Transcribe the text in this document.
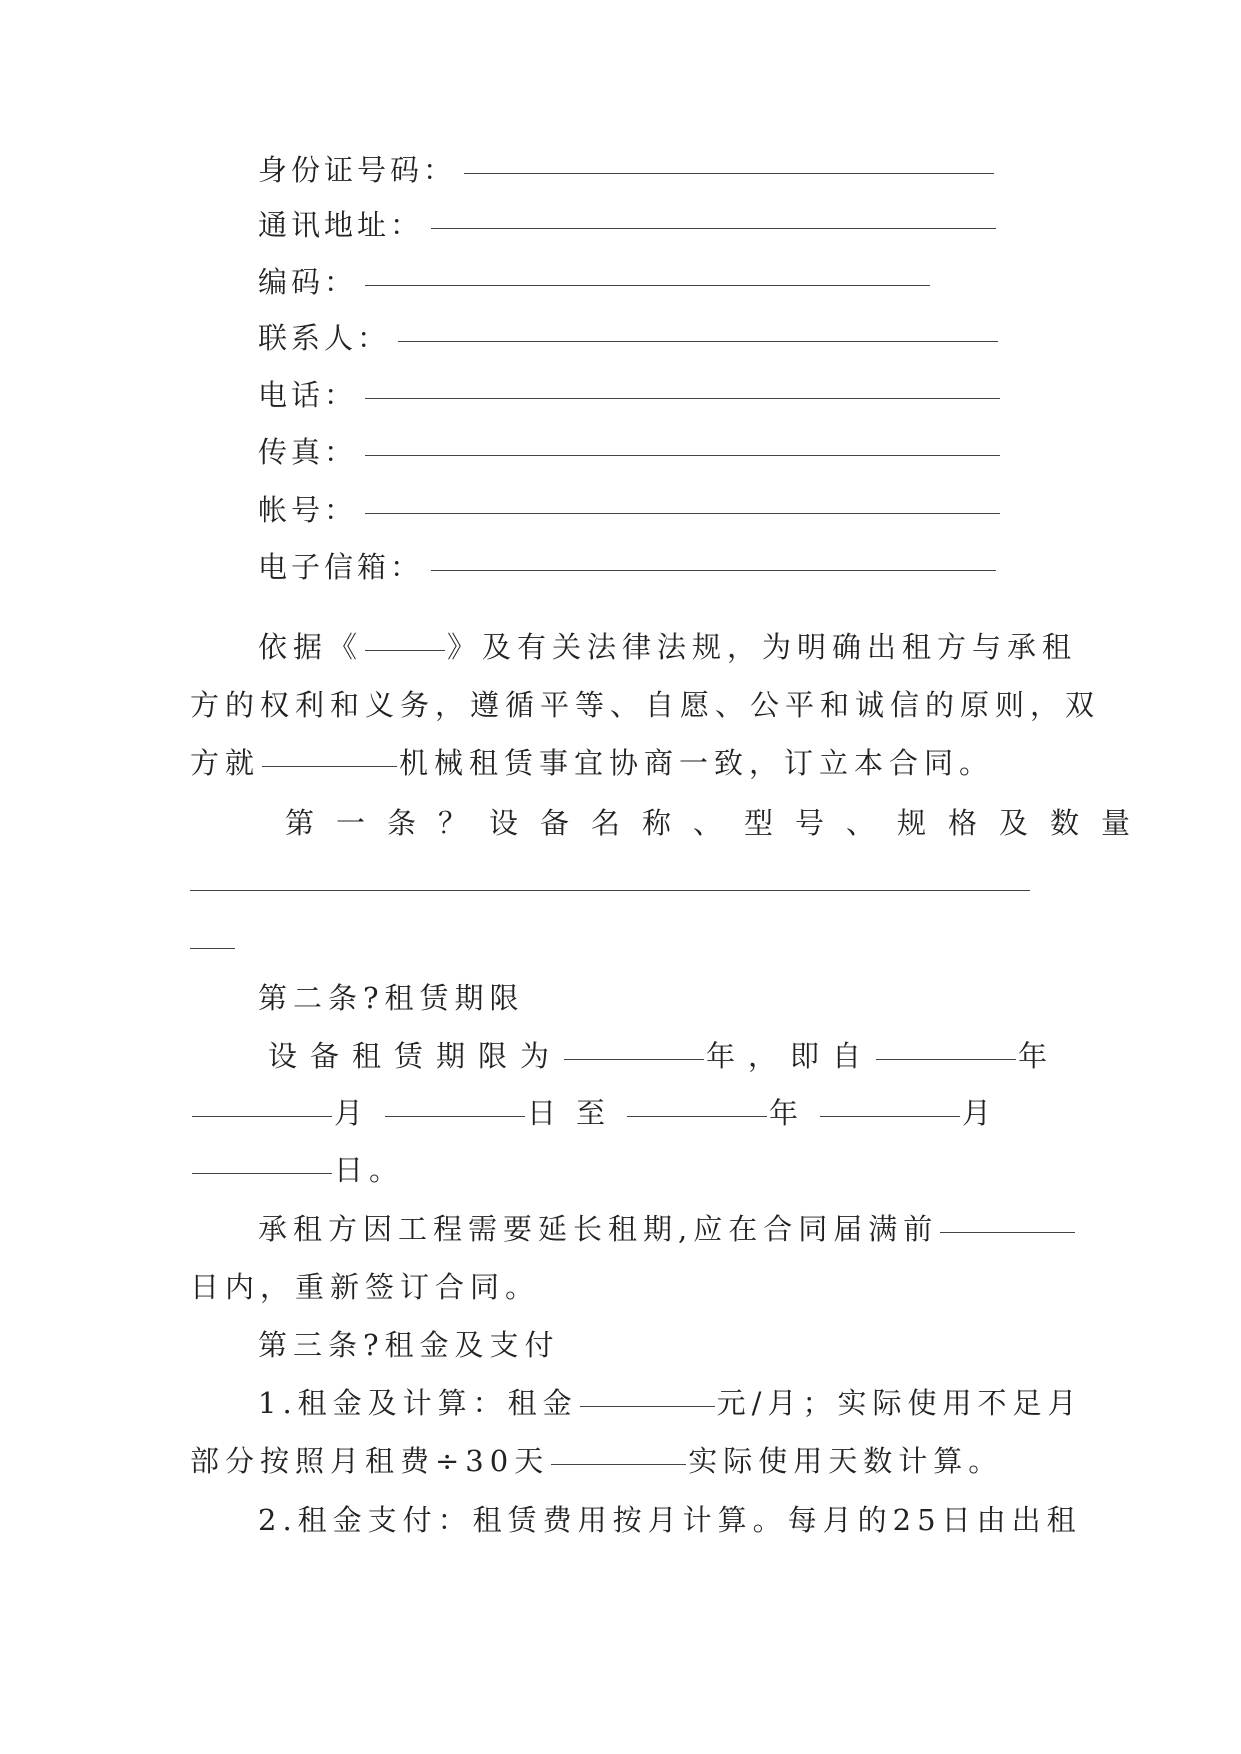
身份证号码：
通讯地址：
编码：
联系人：
电话：
传真：
帐号：
电子信箱：
依据《	》及有关法律法规，为明确出租方与承租
方的权利和义务，遵循平等、自愿、公平和诚信的原则，双
方就	机械租赁事宜协商一致，订立本合同。
第一条？设备名称、型号、规格及数量
第二条?租赁期限
设备租赁期限为	年，即自	年
月	日至	年	月
日。
承租方因工程需要延长租期,应在合同届满前
日内，重新签订合同。
第三条?租金及支付
1.租金及计算：租金	元/月；实际使用不足月
部分按照月租费÷30天	实际使用天数计算。
2.租金支付：租赁费用按月计算。每月的25日由出租
